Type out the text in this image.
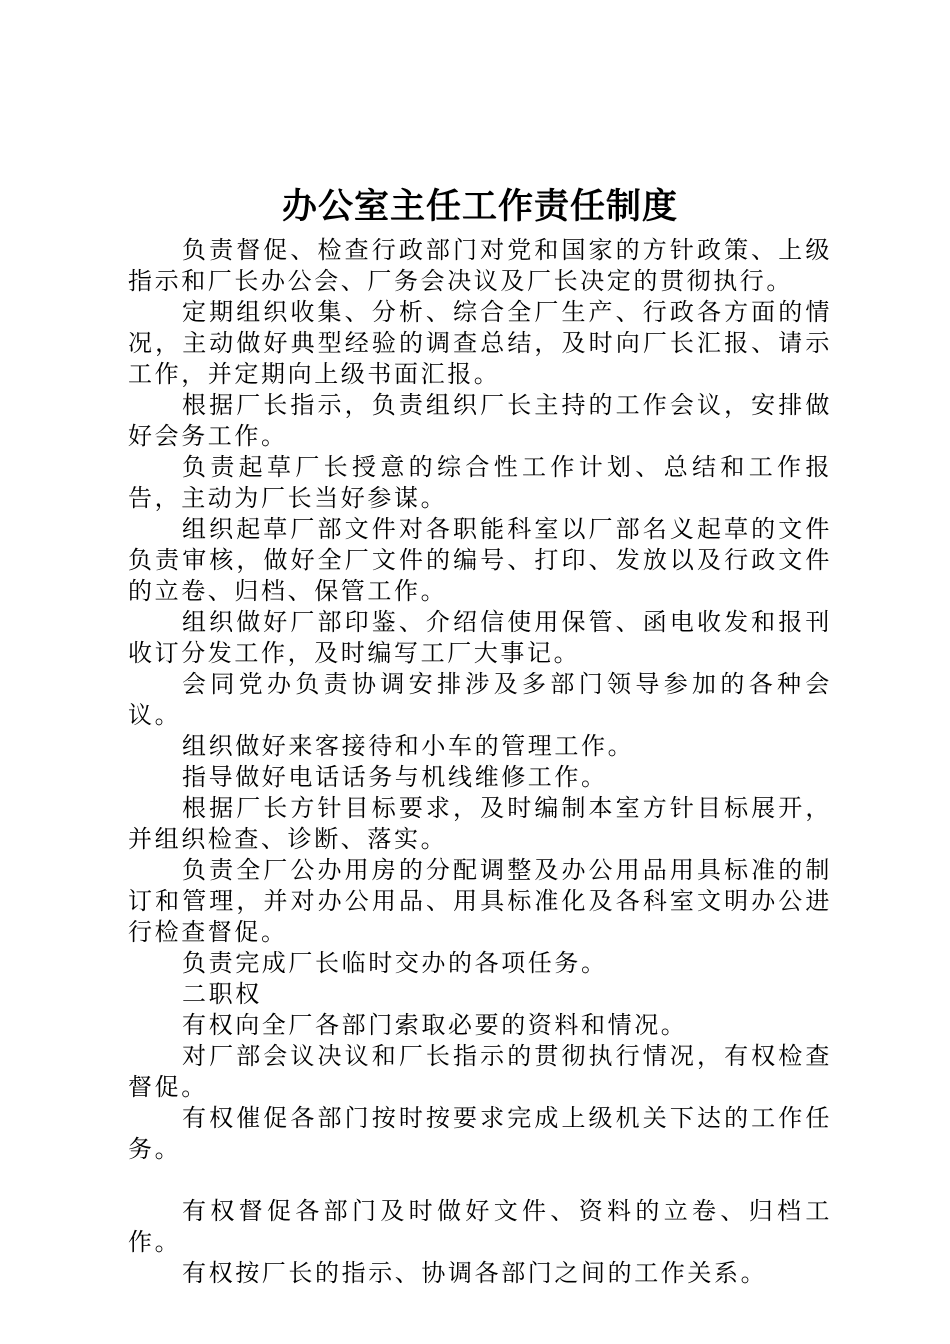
办公室主任工作责任制度

负责督促、检查行政部门对党和国家的方针政策、上级指示和厂长办公会、厂务会决议及厂长决定的贯彻执行。

定期组织收集、分析、综合全厂生产、行政各方面的情况，主动做好典型经验的调查总结，及时向厂长汇报、请示工作，并定期向上级书面汇报。

根据厂长指示，负责组织厂长主持的工作会议，安排做好会务工作。

负责起草厂长授意的综合性工作计划、总结和工作报告，主动为厂长当好参谋。

组织起草厂部文件对各职能科室以厂部名义起草的文件负责审核，做好全厂文件的编号、打印、发放以及行政文件的立卷、归档、保管工作。

组织做好厂部印鉴、介绍信使用保管、函电收发和报刊收订分发工作，及时编写工厂大事记。

会同党办负责协调安排涉及多部门领导参加的各种会议。

组织做好来客接待和小车的管理工作。

指导做好电话话务与机线维修工作。

根据厂长方针目标要求，及时编制本室方针目标展开，并组织检查、诊断、落实。

负责全厂公办用房的分配调整及办公用品用具标准的制订和管理，并对办公用品、用具标准化及各科室文明办公进行检查督促。

负责完成厂长临时交办的各项任务。

二职权

有权向全厂各部门索取必要的资料和情况。

对厂部会议决议和厂长指示的贯彻执行情况，有权检查督促。

有权催促各部门按时按要求完成上级机关下达的工作任务。

有权督促各部门及时做好文件、资料的立卷、归档工作。

有权按厂长的指示、协调各部门之间的工作关系。
